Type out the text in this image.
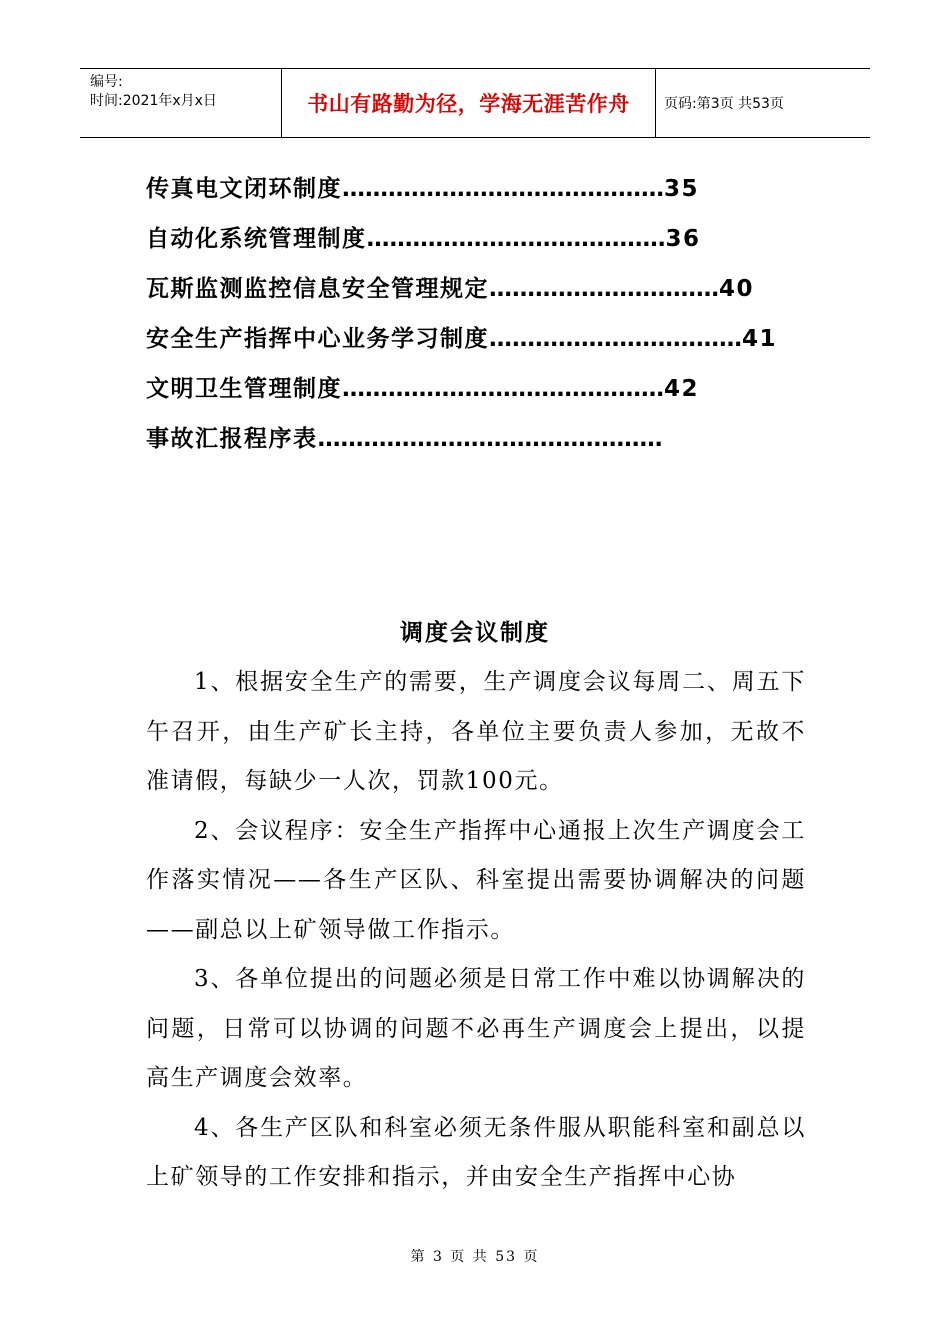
编号:
时间:2021年x月x日	书山有路勤为径，学海无涯苦作舟	页码:第3页 共53页
传真电文闭环制度……………………………………35
自动化系统管理制度…………………………………36
瓦斯监测监控信息安全管理规定…………………………40
安全生产指挥中心业务学习制度……………………………41
文明卫生管理制度……………………………………42
事故汇报程序表………………………………………
调度会议制度

1、根据安全生产的需要，生产调度会议每周二、周五下午召开，由生产矿长主持，各单位主要负责人参加，无故不准请假，每缺少一人次，罚款100元。

2、会议程序：安全生产指挥中心通报上次生产调度会工作落实情况——各生产区队、科室提出需要协调解决的问题——副总以上矿领导做工作指示。

3、各单位提出的问题必须是日常工作中难以协调解决的问题，日常可以协调的问题不必再生产调度会上提出，以提高生产调度会效率。

4、各生产区队和科室必须无条件服从职能科室和副总以上矿领导的工作安排和指示，并由安全生产指挥中心协

第 3 页 共 53 页
